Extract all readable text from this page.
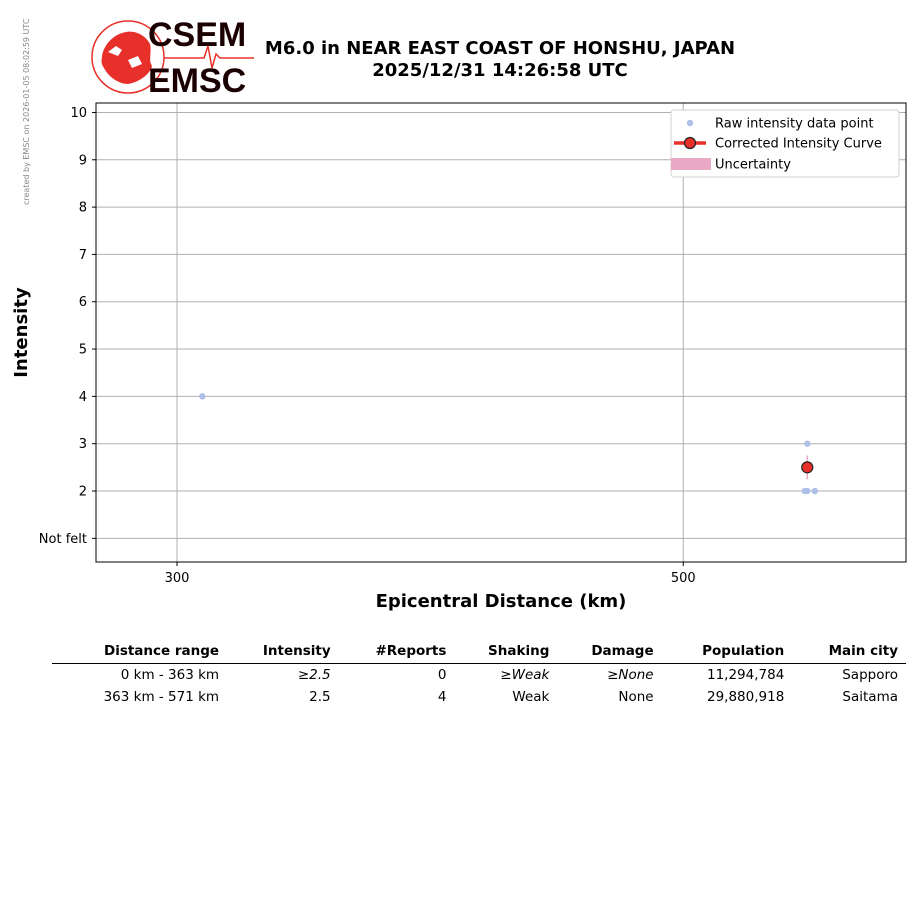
created by EMSC on 2026-01-05 08:02:59 UTC	CSEM
EMSC
M6.0 in NEAR EAST COAST OF HONSHU, JAPAN
2025/12/31 14:26:58 UTC
Not felt
2
3
4
5
6
7
8
9
10
300	500
Epicentral Distance (km)
Intensity
Raw intensity data point
Corrected Intensity Curve
Uncertainty
Distance range	Intensity	#Reports	Shaking	Damage	Population	Main city
0 km - 363 km	≥2.5	0	≥Weak	≥None	11,294,784	Sapporo
363 km - 571 km	2.5	4	Weak	None	29,880,918	Saitama
